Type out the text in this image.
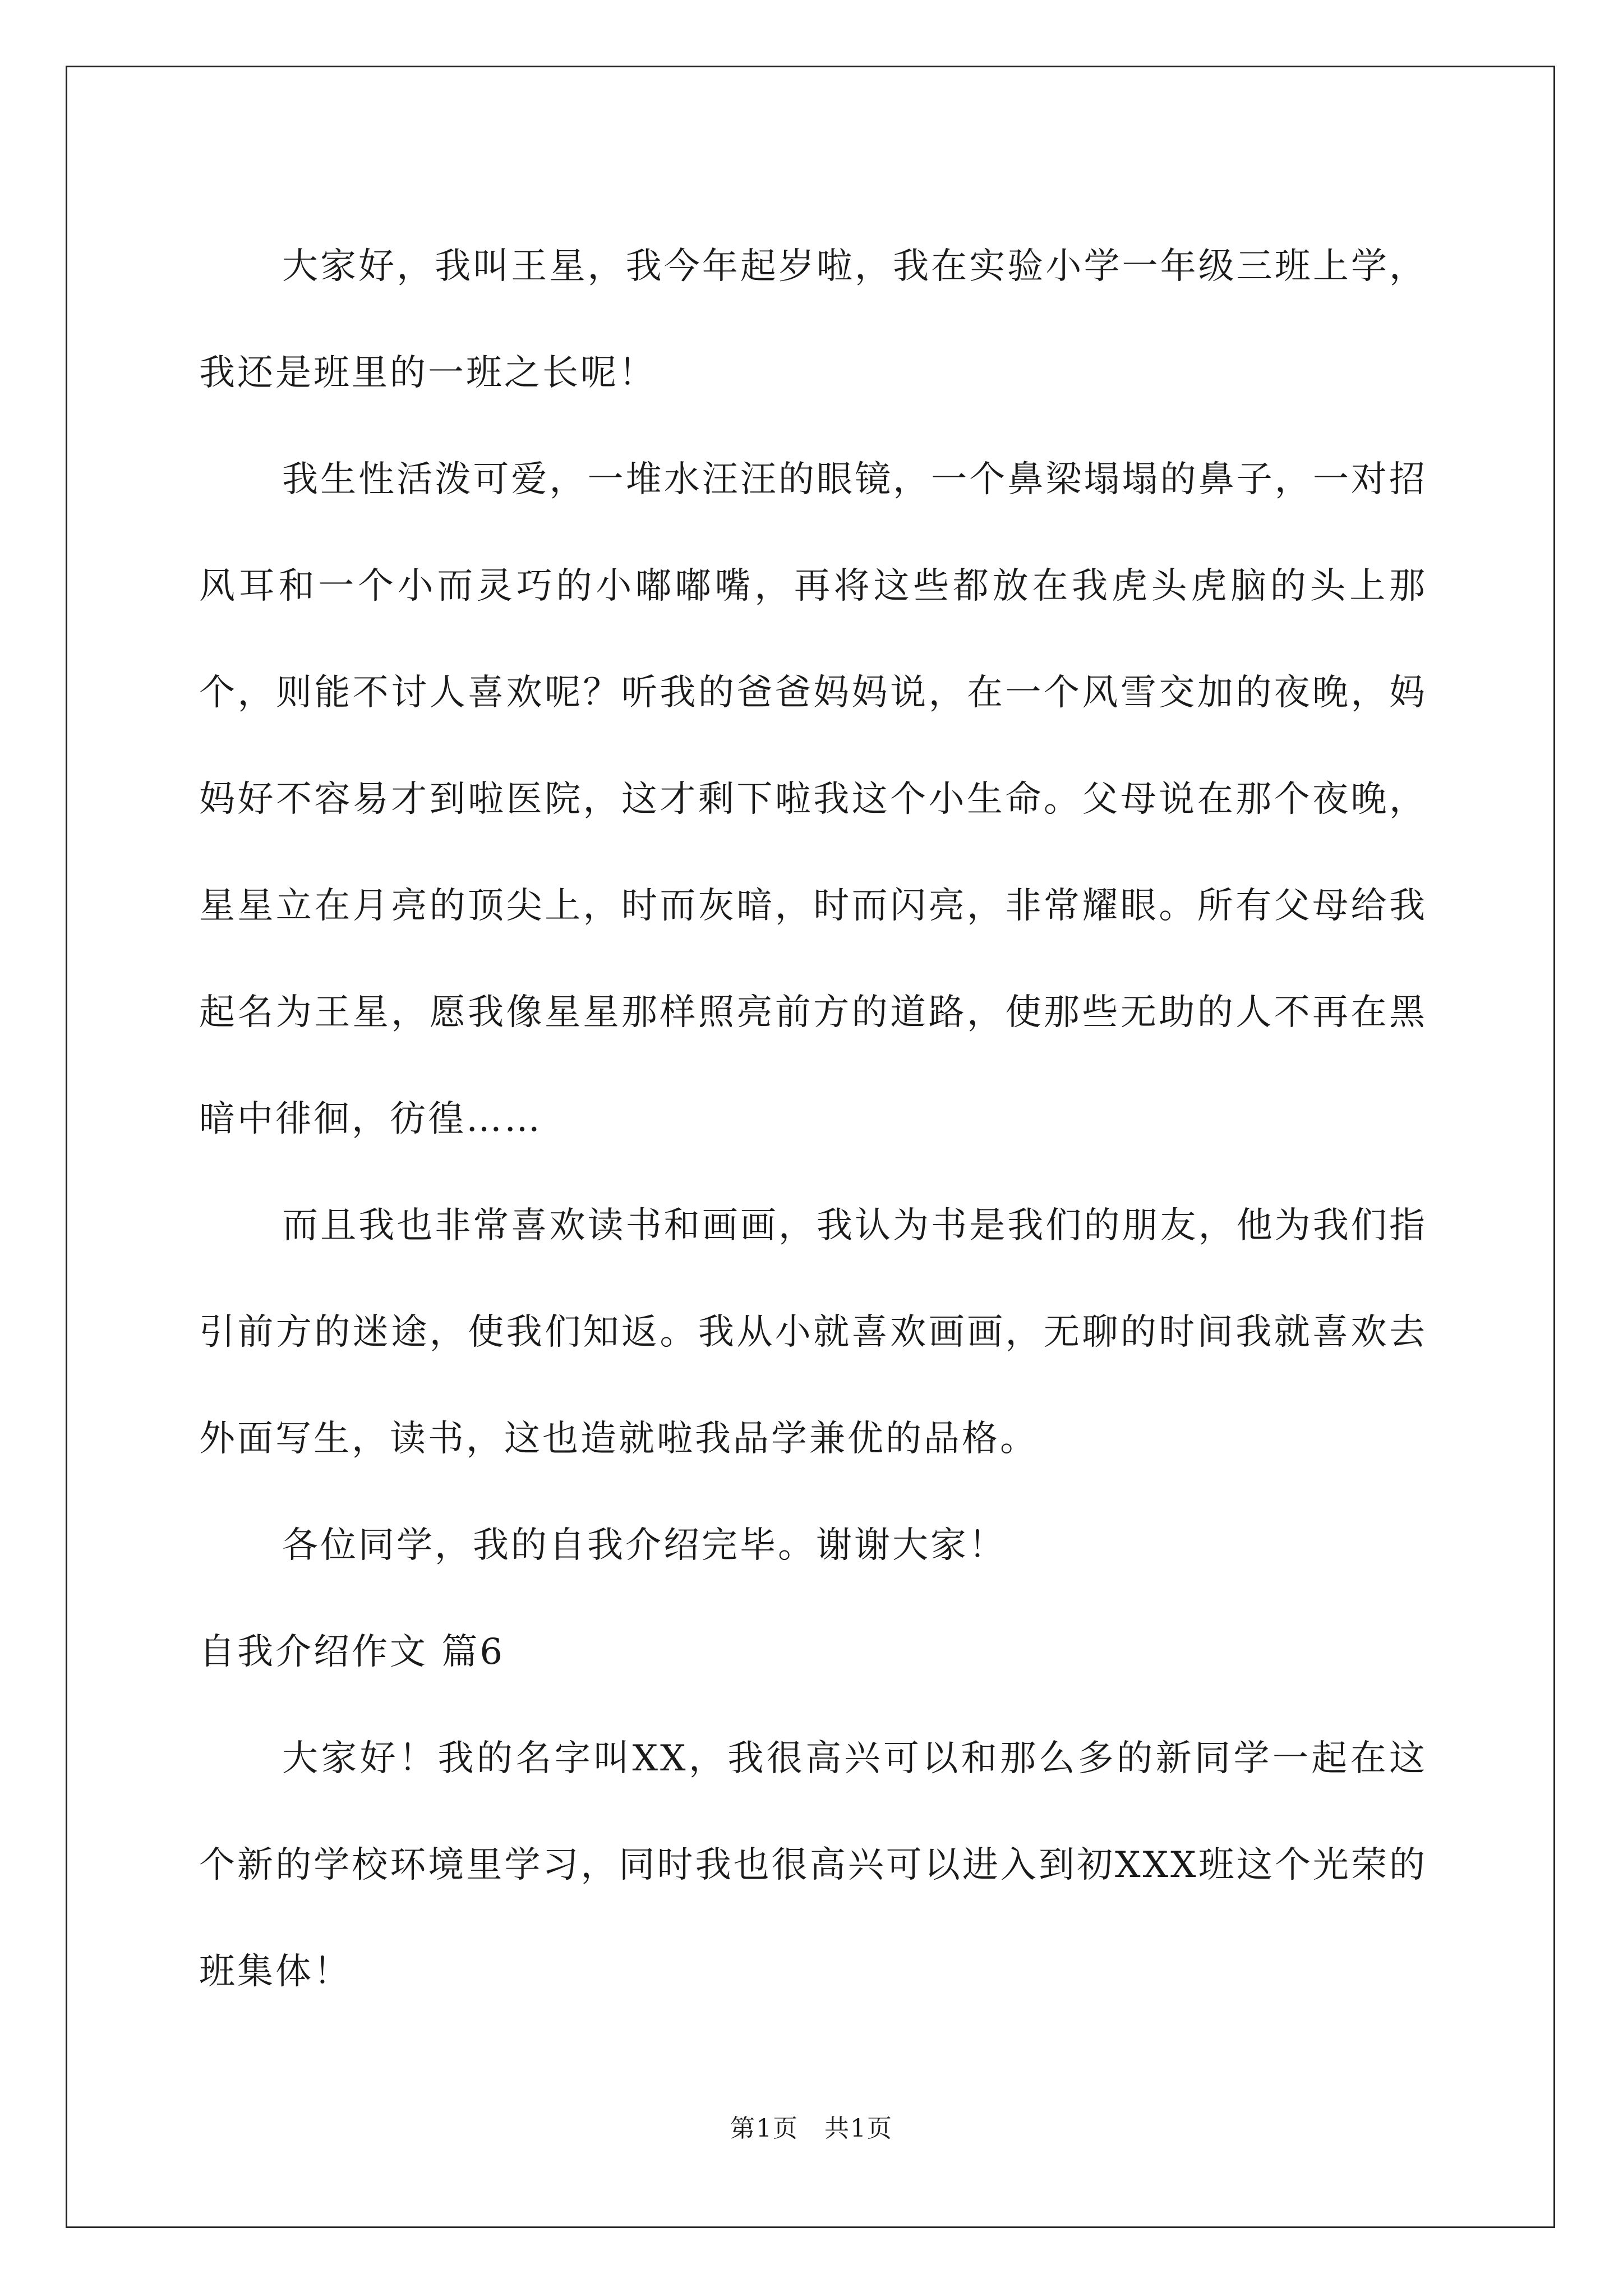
大家好，我叫王星，我今年起岁啦，我在实验小学一年级三班上学，我还是班里的一班之长呢！

我生性活泼可爱，一堆水汪汪的眼镜，一个鼻梁塌塌的鼻子，一对招风耳和一个小而灵巧的小嘟嘟嘴，再将这些都放在我虎头虎脑的头上那个，则能不讨人喜欢呢？听我的爸爸妈妈说，在一个风雪交加的夜晚，妈妈好不容易才到啦医院，这才剩下啦我这个小生命。父母说在那个夜晚，星星立在月亮的顶尖上，时而灰暗，时而闪亮，非常耀眼。所有父母给我起名为王星，愿我像星星那样照亮前方的道路，使那些无助的人不再在黑暗中徘徊，彷徨……

而且我也非常喜欢读书和画画，我认为书是我们的朋友，他为我们指引前方的迷途，使我们知返。我从小就喜欢画画，无聊的时间我就喜欢去外面写生，读书，这也造就啦我品学兼优的品格。

各位同学，我的自我介绍完毕。谢谢大家！

自我介绍作文 篇6

大家好！我的名字叫XX，我很高兴可以和那么多的新同学一起在这个新的学校环境里学习，同时我也很高兴可以进入到初XXX班这个光荣的班集体！

第1页　共1页
